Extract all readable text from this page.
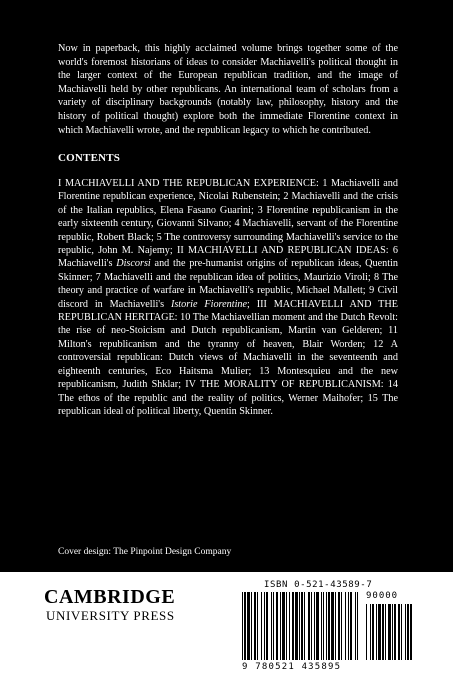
Now in paperback, this highly acclaimed volume brings together some of the world's foremost historians of ideas to consider Machiavelli's political thought in the larger context of the European republican tradition, and the image of Machiavelli held by other republicans. An international team of scholars from a variety of disciplinary backgrounds (notably law, philosophy, history and the history of political thought) explore both the immediate Florentine context in which Machiavelli wrote, and the republican legacy to which he contributed.

CONTENTS

I MACHIAVELLI AND THE REPUBLICAN EXPERIENCE: 1 Machiavelli and Florentine republican experience, Nicolai Rubenstein; 2 Machiavelli and the crisis of the Italian republics, Elena Fasano Guarini; 3 Florentine republicanism in the early sixteenth century, Giovanni Silvano; 4 Machiavelli, servant of the Florentine republic, Robert Black; 5 The controversy surrounding Machiavelli's service to the republic, John M. Najemy; II MACHIAVELLI AND REPUBLICAN IDEAS: 6 Machiavelli's Discorsi and the pre-humanist origins of republican ideas, Quentin Skinner; 7 Machiavelli and the republican idea of politics, Maurizio Viroli; 8 The theory and practice of warfare in Machiavelli's republic, Michael Mallett; 9 Civil discord in Machiavelli's Istorie Fiorentine; III MACHIAVELLI AND THE REPUBLICAN HERITAGE: 10 The Machiavellian moment and the Dutch Revolt: the rise of neo-Stoicism and Dutch republicanism, Martin van Gelderen; 11 Milton's republicanism and the tyranny of heaven, Blair Worden; 12 A controversial republican: Dutch views of Machiavelli in the seventeenth and eighteenth centuries, Eco Haitsma Mulier; 13 Montesquieu and the new republicanism, Judith Shklar; IV THE MORALITY OF REPUBLICANISM: 14 The ethos of the republic and the reality of politics, Werner Maihofer; 15 The republican ideal of political liberty, Quentin Skinner.

Cover design: The Pinpoint Design Company

CAMBRIDGE
UNIVERSITY PRESS
ISBN 0-521-43589-7
90000
9 780521 435895
